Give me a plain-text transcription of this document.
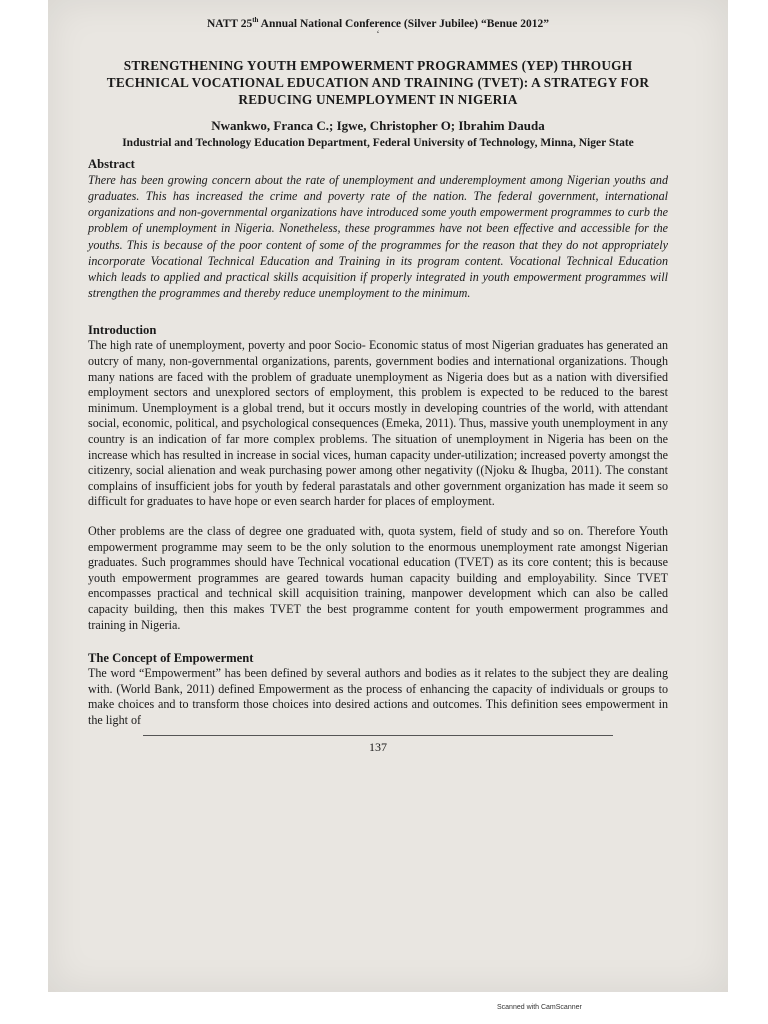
NATT 25th Annual National Conference (Silver Jubilee) “Benue 2012”

‘

STRENGTHENING YOUTH EMPOWERMENT PROGRAMMES (YEP) THROUGH TECHNICAL VOCATIONAL EDUCATION AND TRAINING (TVET): A STRATEGY FOR REDUCING UNEMPLOYMENT IN NIGERIA

Nwankwo, Franca C.; Igwe, Christopher O; Ibrahim Dauda

Industrial and Technology Education Department, Federal University of Technology, Minna, Niger State

Abstract

There has been growing concern about the rate of unemployment and underemployment among Nigerian youths and graduates. This has increased the crime and poverty rate of the nation. The federal government, international organizations and non-governmental organizations have introduced some youth empowerment programmes to curb the problem of unemployment in Nigeria. Nonetheless, these programmes have not been effective and accessible for the youths. This is because of the poor content of some of the programmes for the reason that they do not appropriately incorporate Vocational Technical Education and Training in its program content. Vocational Technical Education which leads to applied and practical skills acquisition if properly integrated in youth empowerment programmes will strengthen the programmes and thereby reduce unemployment to the minimum.

Introduction

The high rate of unemployment, poverty and poor Socio- Economic status of most Nigerian graduates has generated an outcry of many, non-governmental organizations, parents, government bodies and international organizations. Though many nations are faced with the problem of graduate unemployment as Nigeria does but as a nation with diversified employment sectors and unexplored sectors of employment, this problem is expected to be reduced to the barest minimum. Unemployment is a global trend, but it occurs mostly in developing countries of the world, with attendant social, economic, political, and psychological consequences (Emeka, 2011). Thus, massive youth unemployment in any country is an indication of far more complex problems. The situation of unemployment in Nigeria has been on the increase which has resulted in increase in social vices, human capacity under-utilization; increased poverty amongst the citizenry, social alienation and weak purchasing power among other negativity ((Njoku & Ihugba, 2011). The constant complains of insufficient jobs for youth by federal parastatals and other government organization has made it seem so difficult for graduates to have hope or even search harder for places of employment.

Other problems are the class of degree one graduated with, quota system, field of study and so on. Therefore Youth empowerment programme may seem to be the only solution to the enormous unemployment rate amongst Nigerian graduates. Such programmes should have Technical vocational education (TVET) as its core content; this is because youth empowerment programmes are geared towards human capacity building and employability. Since TVET encompasses practical and technical skill acquisition training, manpower development which can also be called capacity building, then this makes TVET the best programme content for youth empowerment programmes and training in Nigeria.

The Concept of Empowerment

The word “Empowerment” has been defined by several authors and bodies as it relates to the subject they are dealing with. (World Bank, 2011) defined Empowerment as the process of enhancing the capacity of individuals or groups to make choices and to transform those choices into desired actions and outcomes. This definition sees empowerment in the light of

137

Scanned with CamScanner
